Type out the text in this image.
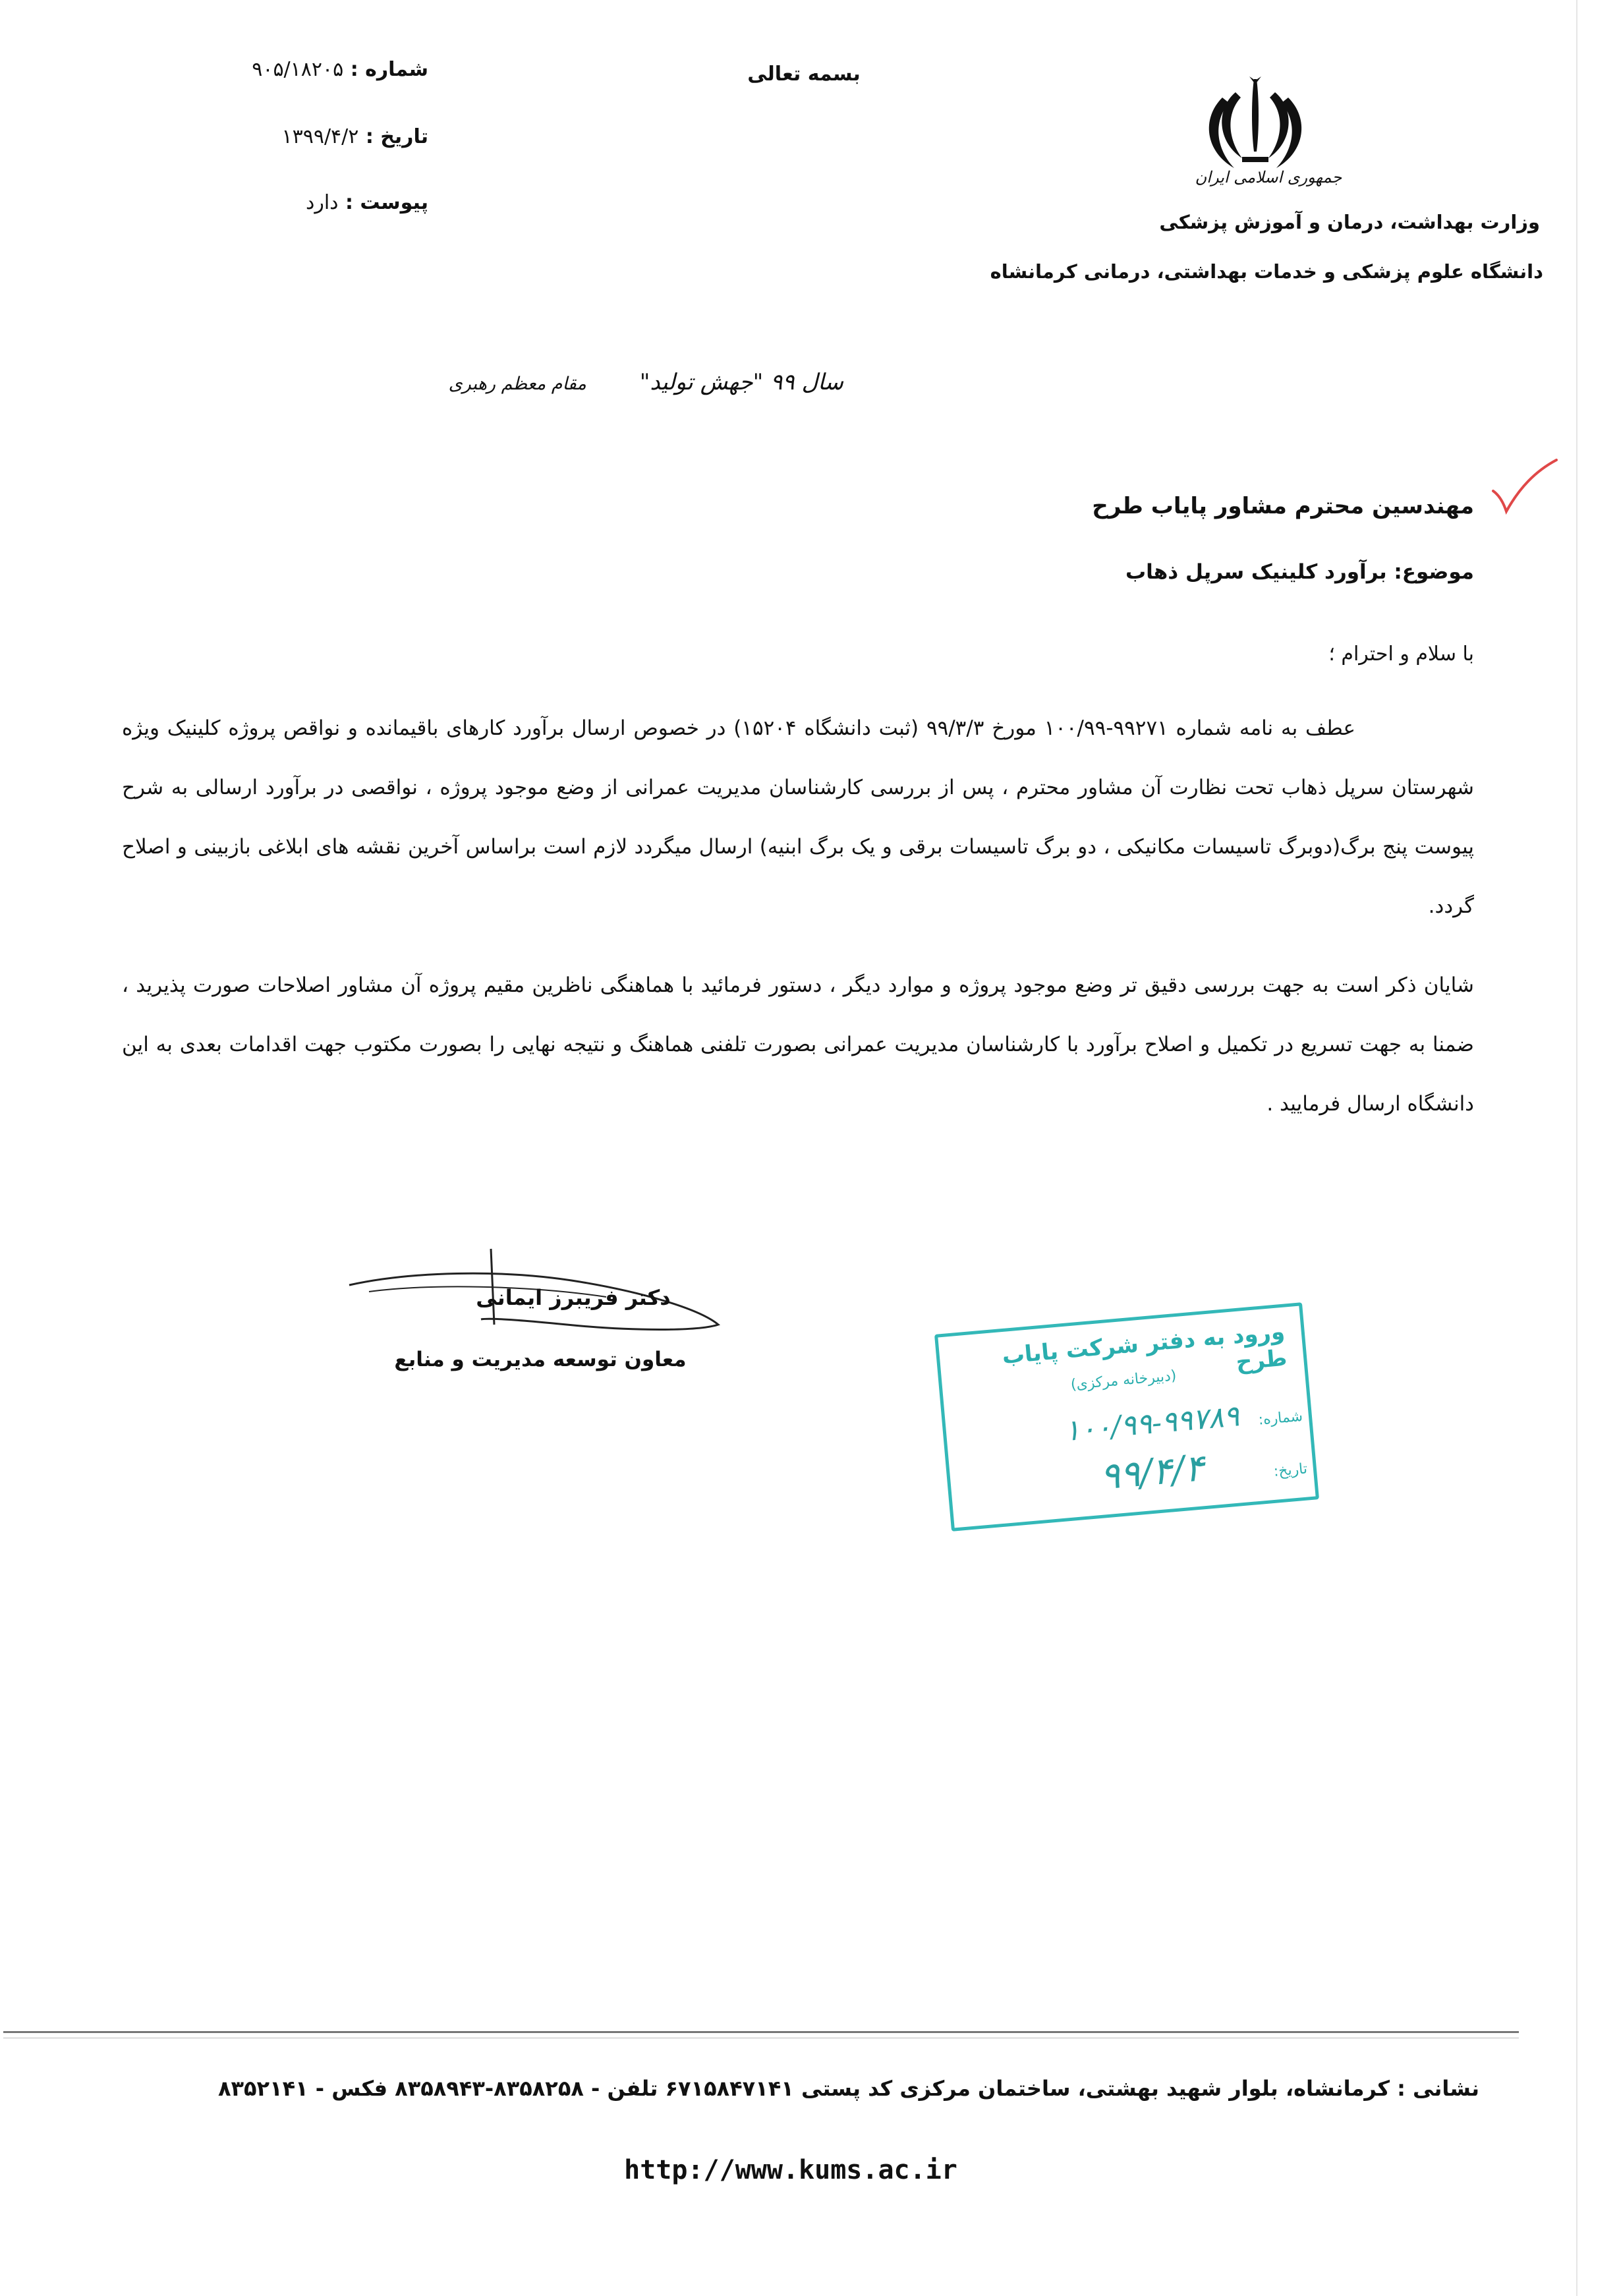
بسمه تعالی
جمهوری اسلامی ایران
وزارت بهداشت، درمان و آموزش پزشکی
دانشگاه علوم پزشکی و خدمات بهداشتی، درمانی کرمانشاه
شماره : ۹۰۵/۱۸۲۰۵
تاریخ : ۱۳۹۹/۴/۲
پیوست : دارد
سال ۹۹ "جهش تولید" مقام معظم رهبری
مهندسین محترم مشاور پایاب طرح
موضوع: برآورد کلینیک سرپل ذهاب
با سلام و احترام ؛
عطف به نامه شماره ۹۹۲۷۱-۱۰۰/۹۹ مورخ ۹۹/۳/۳ (ثبت دانشگاه ۱۵۲۰۴) در خصوص ارسال برآورد کارهای باقیمانده و نواقص پروژه کلینیک ویژه شهرستان سرپل ذهاب تحت نظارت آن مشاور محترم ، پس از بررسی کارشناسان مدیریت عمرانی از وضع موجود پروژه ، نواقصی در برآورد ارسالی به شرح پیوست پنج برگ(دوبرگ تاسیسات مکانیکی ، دو برگ تاسیسات برقی و یک برگ ابنیه) ارسال میگردد لازم است براساس آخرین نقشه های ابلاغی بازبینی و اصلاح گردد.
شایان ذکر است به جهت بررسی دقیق تر وضع موجود پروژه و موارد دیگر ، دستور فرمائید با هماهنگی ناظرین مقیم پروژه آن مشاور اصلاحات صورت پذیرید ، ضمنا به جهت تسریع در تکمیل و اصلاح برآورد با کارشناسان مدیریت عمرانی بصورت تلفنی هماهنگ و نتیجه نهایی را بصورت مکتوب جهت اقدامات بعدی به این دانشگاه ارسال فرمایید .
دکتر فریبرز ایمانی
معاون توسعه مدیریت و منابع	ورود به دفتر شرکت پایاب طرح
(دبیرخانه مرکزی)
شماره:
۱۰۰/۹۹-۹۹۷۸۹
تاریخ:
۹۹/۴/۴
نشانی : کرمانشاه، بلوار شهید بهشتی، ساختمان مرکزی کد پستی ۶۷۱۵۸۴۷۱۴۱ تلفن - ۸۳۵۸۲۵۸-۸۳۵۸۹۴۳ فکس - ۸۳۵۲۱۴۱
http://www.kums.ac.ir
